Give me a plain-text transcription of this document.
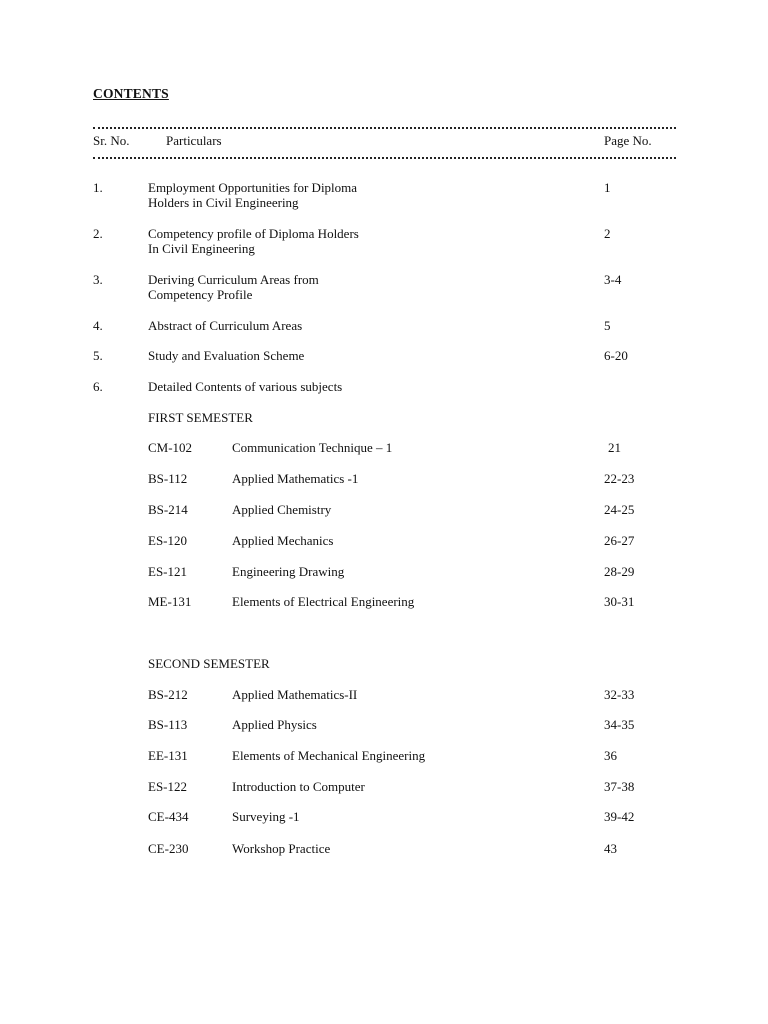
CONTENTS
Sr. No.	Particulars	Page No.
1.	Employment Opportunities for Diploma	1
Holders in Civil Engineering
2.	Competency profile of Diploma Holders	2
In Civil Engineering
3.	Deriving Curriculum Areas from	3-4
Competency Profile
4.	Abstract of Curriculum Areas	5
5.	Study and Evaluation Scheme	6-20
6.	Detailed Contents of various subjects
FIRST SEMESTER
CM-102	Communication Technique – 1	21
BS-112	Applied Mathematics -1	22-23
BS-214	Applied Chemistry	24-25
ES-120	Applied Mechanics	26-27
ES-121	Engineering Drawing	28-29
ME-131	Elements of Electrical Engineering	30-31
SECOND SEMESTER
BS-212	Applied Mathematics-II	32-33
BS-113	Applied Physics	34-35
EE-131	Elements of Mechanical Engineering	36
ES-122	Introduction to Computer	37-38
CE-434	Surveying -1	39-42
CE-230	Workshop Practice	43
